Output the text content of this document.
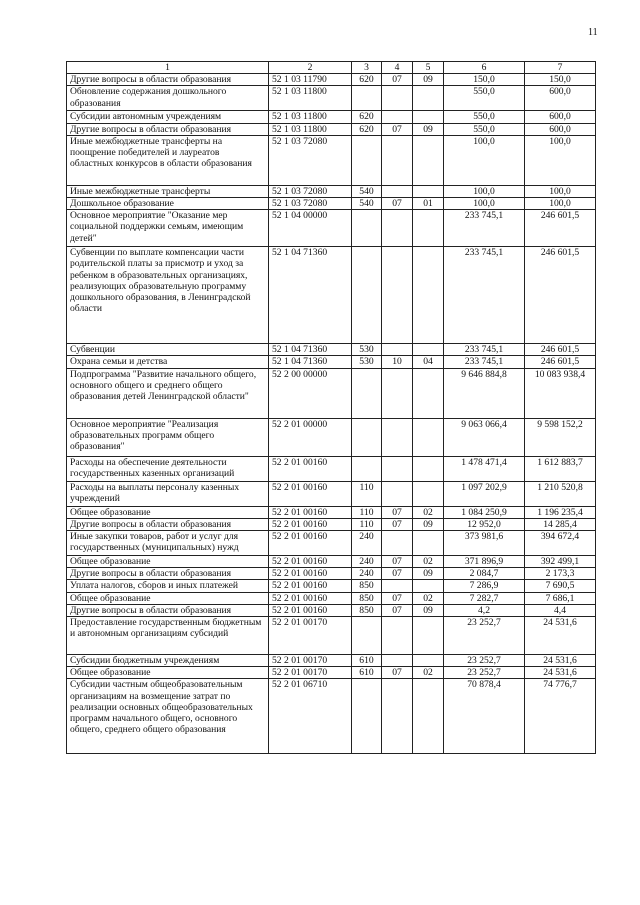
11
1	2	3	4	5	6	7
Другие вопросы в области образования	52 1 03 11790	620	07	09	150,0	150,0
Обновление содержания дошкольного образования	52 1 03 11800				550,0	600,0
Субсидии автономным учреждениям	52 1 03 11800	620			550,0	600,0
Другие вопросы в области образования	52 1 03 11800	620	07	09	550,0	600,0
Иные межбюджетные трансферты на поощрение победителей и лауреатов областных конкурсов в области образования	52 1 03 72080				100,0	100,0
Иные межбюджетные трансферты	52 1 03 72080	540			100,0	100,0
Дошкольное образование	52 1 03 72080	540	07	01	100,0	100,0
Основное мероприятие "Оказание мер социальной поддержки семьям, имеющим детей"	52 1 04 00000				233 745,1	246 601,5
Субвенции по выплате компенсации части родительской платы за присмотр и уход за ребенком в образовательных организациях, реализующих образовательную программу дошкольного образования, в Ленинградской области	52 1 04 71360				233 745,1	246 601,5
Субвенции	52 1 04 71360	530			233 745,1	246 601,5
Охрана семьи и детства	52 1 04 71360	530	10	04	233 745,1	246 601,5
Подпрограмма "Развитие начального общего, основного общего и среднего общего образования детей Ленинградской области"	52 2 00 00000				9 646 884,8	10 083 938,4
Основное мероприятие "Реализация образовательных программ общего образования"	52 2 01 00000				9 063 066,4	9 598 152,2
Расходы на обеспечение деятельности государственных казенных организаций	52 2 01 00160				1 478 471,4	1 612 883,7
Расходы на выплаты персоналу казенных учреждений	52 2 01 00160	110			1 097 202,9	1 210 520,8
Общее образование	52 2 01 00160	110	07	02	1 084 250,9	1 196 235,4
Другие вопросы в области образования	52 2 01 00160	110	07	09	12 952,0	14 285,4
Иные закупки товаров, работ и услуг для государственных (муниципальных) нужд	52 2 01 00160	240			373 981,6	394 672,4
Общее образование	52 2 01 00160	240	07	02	371 896,9	392 499,1
Другие вопросы в области образования	52 2 01 00160	240	07	09	2 084,7	2 173,3
Уплата налогов, сборов и иных платежей	52 2 01 00160	850			7 286,9	7 690,5
Общее образование	52 2 01 00160	850	07	02	7 282,7	7 686,1
Другие вопросы в области образования	52 2 01 00160	850	07	09	4,2	4,4
Предоставление государственным бюджетным и автономным организациям субсидий	52 2 01 00170				23 252,7	24 531,6
Субсидии бюджетным учреждениям	52 2 01 00170	610			23 252,7	24 531,6
Общее образование	52 2 01 00170	610	07	02	23 252,7	24 531,6
Субсидии частным общеобразовательным организациям на возмещение затрат по реализации основных общеобразовательных программ начального общего, основного общего, среднего общего образования	52 2 01 06710				70 878,4	74 776,7
